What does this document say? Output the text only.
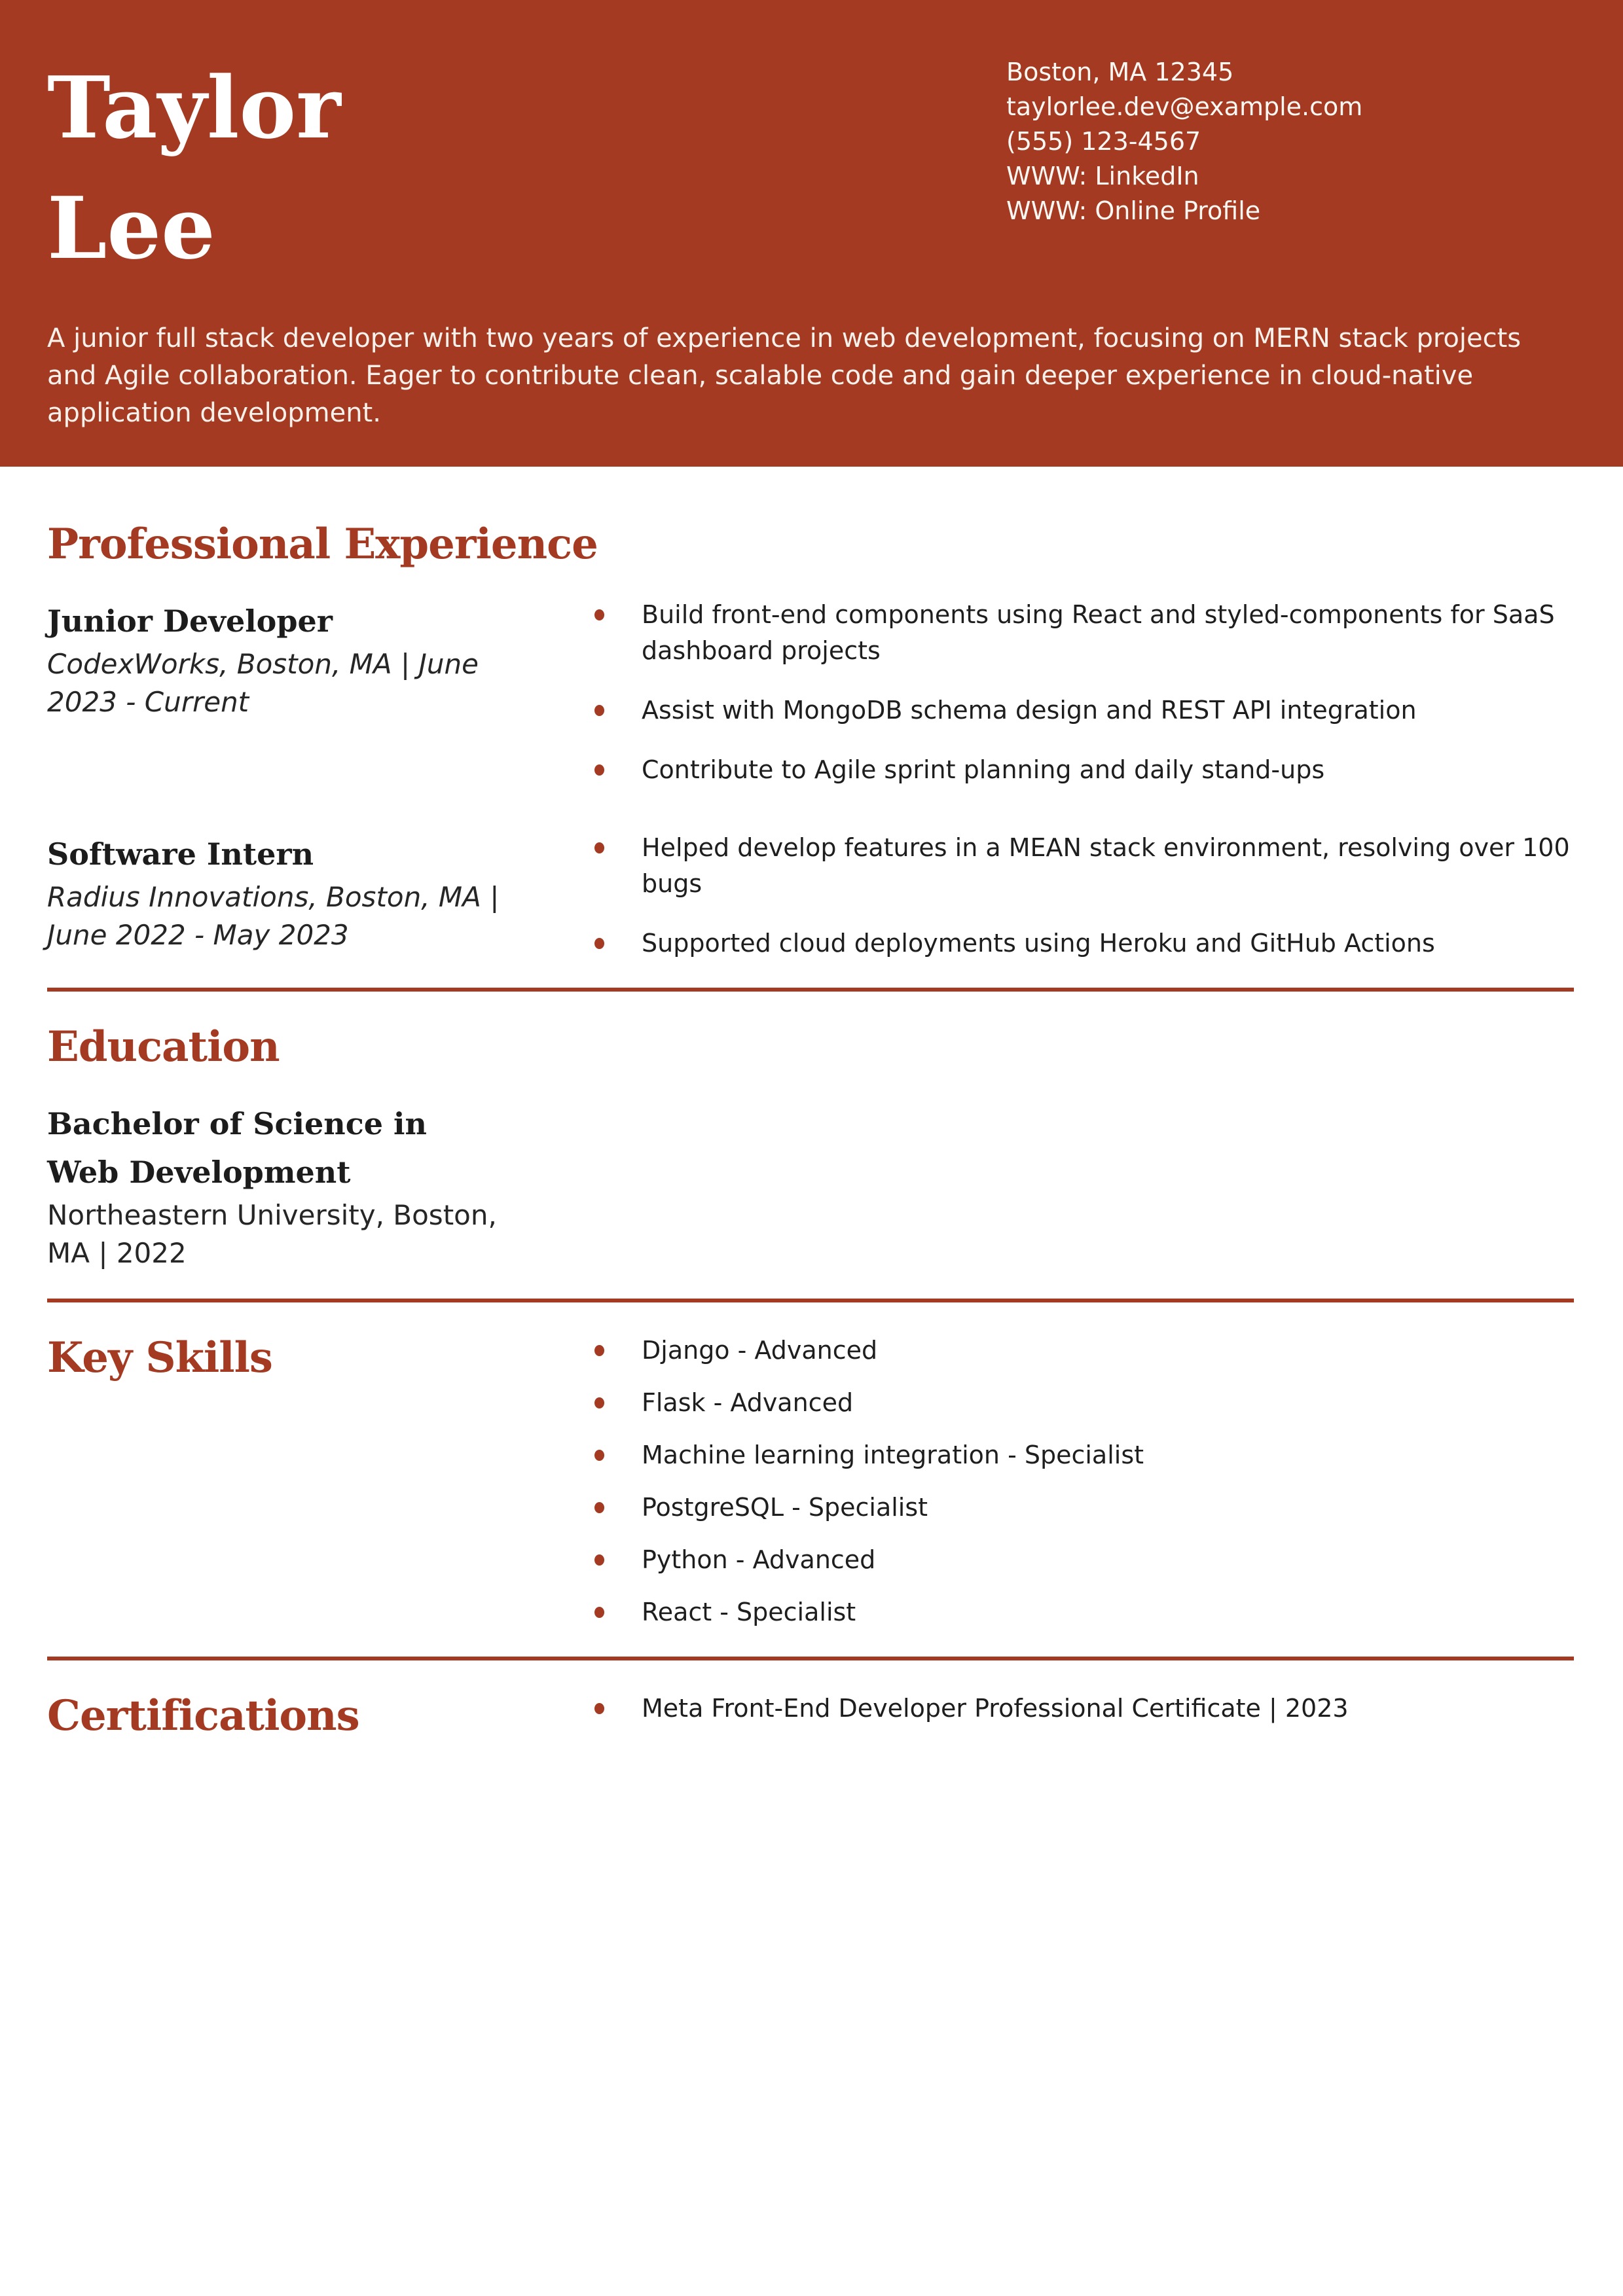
Taylor
Lee
Boston, MA 12345
taylorlee.dev@example.com
(555) 123-4567
WWW: LinkedIn
WWW: Online Profile

A junior full stack developer with two years of experience in web development, focusing on MERN stack projects and Agile collaboration. Eager to contribute clean, scalable code and gain deeper experience in cloud-native application development.

Professional Experience
Junior Developer

CodexWorks, Boston, MA | June 2023 - Current

Build front-end components using React and styled-components for SaaS dashboard projects
Assist with MongoDB schema design and REST API integration
Contribute to Agile sprint planning and daily stand-ups
Software Intern

Radius Innovations, Boston, MA | June 2022 - May 2023

Helped develop features in a MEAN stack environment, resolving over 100 bugs
Supported cloud deployments using Heroku and GitHub Actions
Education
Bachelor of Science in Web Development

Northeastern University, Boston, MA | 2022

Key Skills	Django - Advanced
Flask - Advanced
Machine learning integration - Specialist
PostgreSQL - Specialist
Python - Advanced
React - Specialist
Certifications	Meta Front-End Developer Professional Certificate | 2023
